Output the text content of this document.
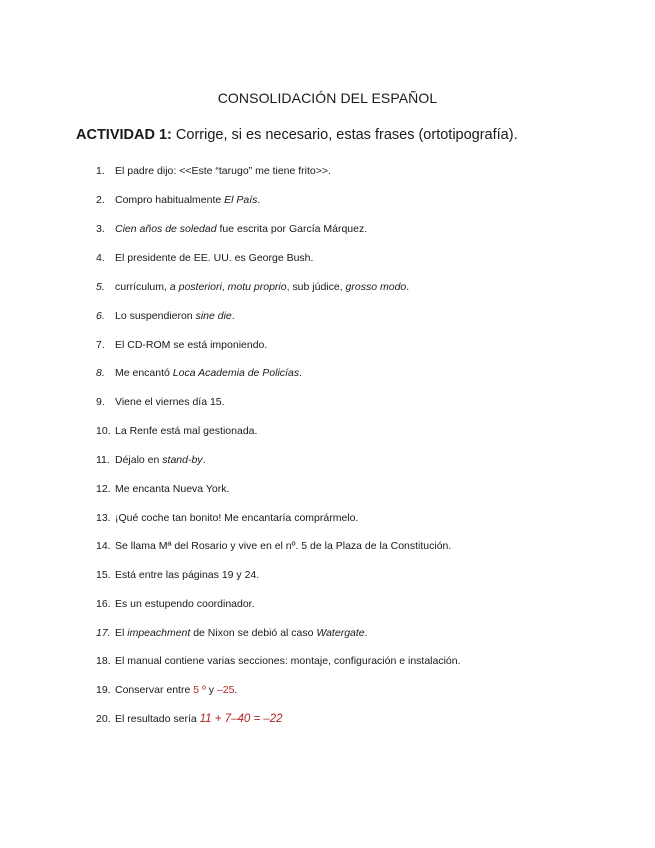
CONSOLIDACIÓN DEL ESPAÑOL
ACTIVIDAD 1: Corrige, si es necesario, estas frases (ortotipografía).
1. El padre dijo: <<Este “tarugo” me tiene frito>>.
2. Compro habitualmente El País.
3. Cien años de soledad fue escrita por García Márquez.
4. El presidente de EE. UU. es George Bush.
5. currículum, a posteriori, motu proprio, sub júdice, grosso modo.
6. Lo suspendieron sine die.
7. El CD-ROM se está imponiendo.
8. Me encantó Loca Academia de Policías.
9. Viene el viernes día 15.
10. La Renfe está mal gestionada.
11. Déjalo en stand-by.
12. Me encanta Nueva York.
13. ¡Qué coche tan bonito! Me encantaría comprármelo.
14. Se llama Mª del Rosario y vive en el nº. 5 de la Plaza de la Constitución.
15. Está entre las páginas 19 y 24.
16. Es un estupendo coordinador.
17. El impeachment de Nixon se debió al caso Watergate.
18. El manual contiene varias secciones: montaje, configuración e instalación.
19. Conservar entre 5 º y –25.
20. El resultado sería 11 + 7–40 = –22
